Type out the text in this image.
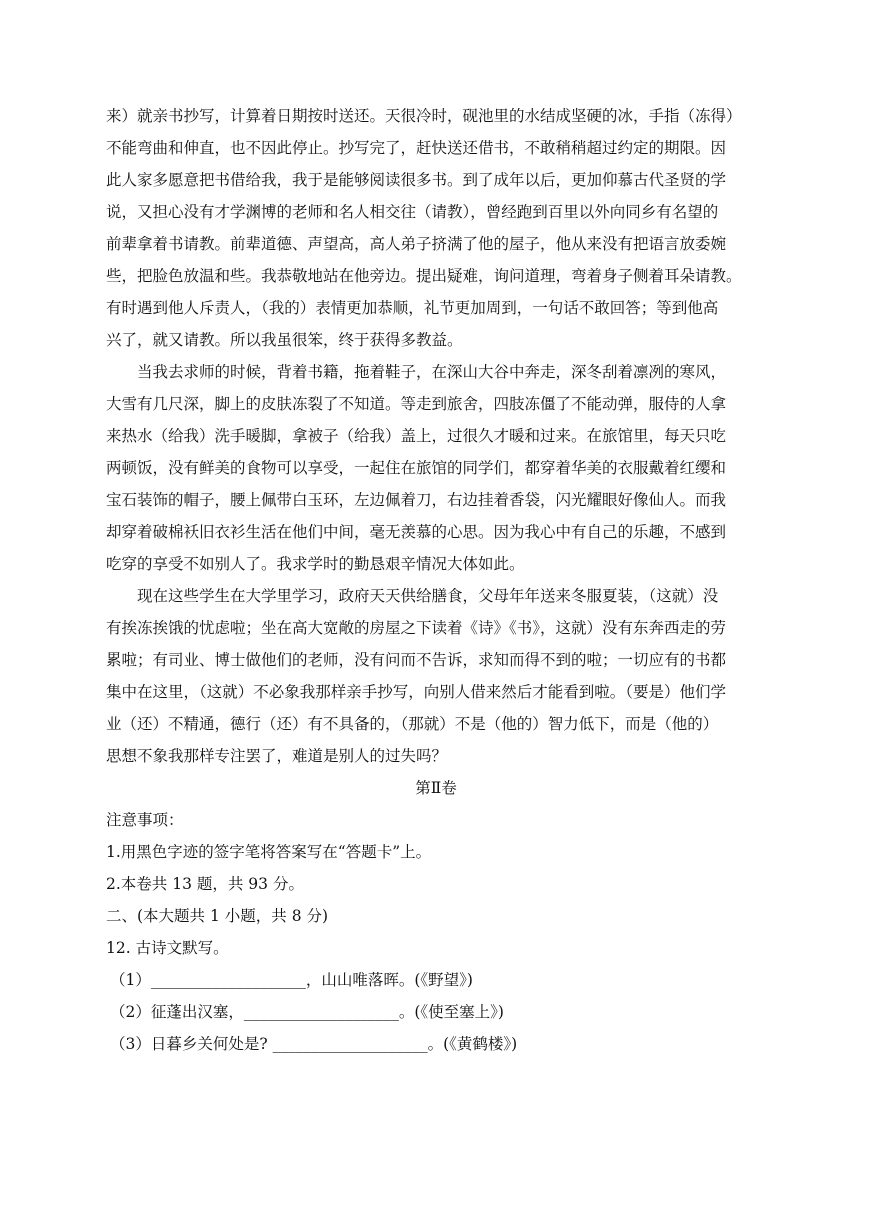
来）就亲书抄写，计算着日期按时送还。天很冷时，砚池里的水结成坚硬的冰，手指（冻得）
不能弯曲和伸直，也不因此停止。抄写完了，赶快送还借书，不敢稍稍超过约定的期限。因
此人家多愿意把书借给我，我于是能够阅读很多书。到了成年以后，更加仰慕古代圣贤的学
说，又担心没有才学渊博的老师和名人相交往（请教），曾经跑到百里以外向同乡有名望的
前辈拿着书请教。前辈道德、声望高，高人弟子挤满了他的屋子，他从来没有把语言放委婉
些，把脸色放温和些。我恭敬地站在他旁边。提出疑难，询问道理，弯着身子侧着耳朵请教。
有时遇到他人斥责人，（我的）表情更加恭顺，礼节更加周到，一句话不敢回答；等到他高
兴了，就又请教。所以我虽很笨，终于获得多教益。
当我去求师的时候，背着书籍，拖着鞋子，在深山大谷中奔走，深冬刮着凛冽的寒风，
大雪有几尺深，脚上的皮肤冻裂了不知道。等走到旅舍，四肢冻僵了不能动弹，服侍的人拿
来热水（给我）洗手暖脚，拿被子（给我）盖上，过很久才暖和过来。在旅馆里，每天只吃
两顿饭，没有鲜美的食物可以享受，一起住在旅馆的同学们，都穿着华美的衣服戴着红缨和
宝石装饰的帽子，腰上佩带白玉环，左边佩着刀，右边挂着香袋，闪光耀眼好像仙人。而我
却穿着破棉袄旧衣衫生活在他们中间，毫无羡慕的心思。因为我心中有自己的乐趣，不感到
吃穿的享受不如别人了。我求学时的勤恳艰辛情况大体如此。
现在这些学生在大学里学习，政府天天供给膳食，父母年年送来冬服夏装，（这就）没
有挨冻挨饿的忧虑啦；坐在高大宽敞的房屋之下读着《诗》《书》，这就）没有东奔西走的劳
累啦；有司业、博士做他们的老师，没有问而不告诉，求知而得不到的啦；一切应有的书都
集中在这里，（这就）不必象我那样亲手抄写，向别人借来然后才能看到啦。（要是）他们学
业（还）不精通，德行（还）有不具备的，（那就）不是（他的）智力低下，而是（他的）
思想不象我那样专注罢了，难道是别人的过失吗？
第Ⅱ卷
注意事项：
1.用黑色字迹的签字笔将答案写在“答题卡”上。
2.本卷共 13 题，共 93 分。
二、(本大题共 1 小题，共 8 分)
12. 古诗文默写。
（1）____________________，山山唯落晖。(《野望》)
（2）征蓬出汉塞，____________________。(《使至塞上》)
（3）日暮乡关何处是? ____________________。(《黄鹤楼》)
